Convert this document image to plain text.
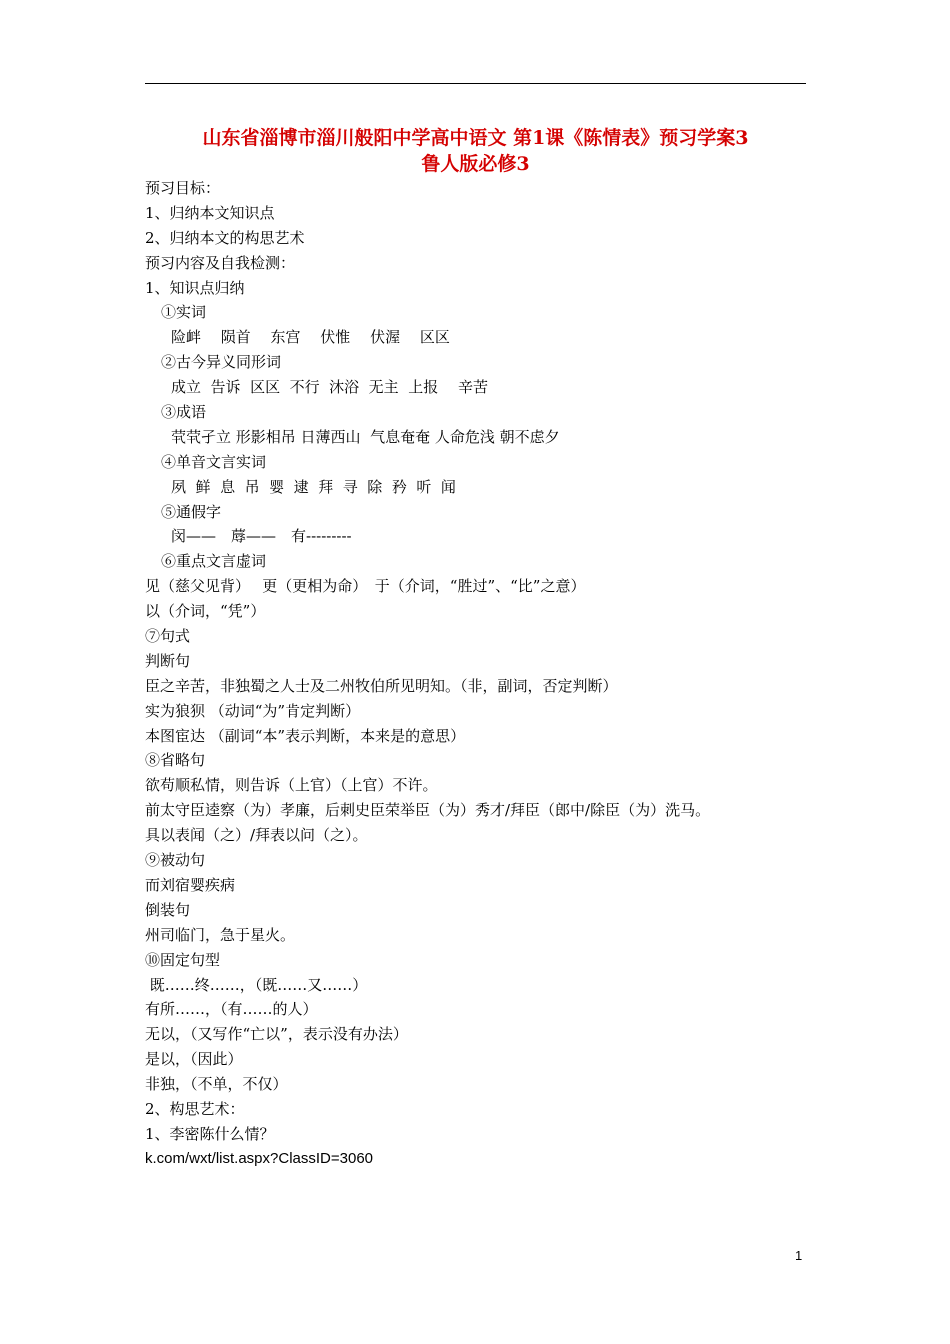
山东省淄博市淄川般阳中学高中语文 第1课《陈情表》预习学案3
鲁人版必修3
预习目标：
1、归纳本文知识点
2、归纳本文的构思艺术
预习内容及自我检测：
1、知识点归纳
①实词
险衅　 陨首　 东宫　 伏惟　 伏渥　 区区
②古今异义同形词
成立  告诉  区区  不行  沐浴  无主  上报　 辛苦
③成语
茕茕孑立 形影相吊 日薄西山  气息奄奄 人命危浅 朝不虑夕
④单音文言实词
夙  鲜  息  吊  婴  逮  拜  寻  除  矜  听  闻
⑤通假字
闵——　蓐——　有---------
⑥重点文言虚词
见（慈父见背）　 更（更相为命）　于（介词，“胜过”、“比”之意）
以（介词，“凭”）
⑦句式
判断句
臣之辛苦，非独蜀之人士及二州牧伯所见明知。（非，副词，否定判断）
实为狼狈 （动词“为”肯定判断）
本图宦达 （副词“本”表示判断，本来是的意思）
⑧省略句
欲苟顺私情，则告诉（上官）（上官）不许。
前太守臣逵察（为）孝廉，后刺史臣荣举臣（为）秀才/拜臣（郎中/除臣（为）洗马。
具以表闻（之）/拜表以问（之）。
⑨被动句
而刘宿婴疾病
倒装句
州司临门，急于星火。
⑩固定句型
既……终……，（既……又……）
有所……，（有……的人）
无以，（又写作“亡以”，表示没有办法）
是以，（因此）
非独，（不单，不仅）
2、构思艺术：
1、李密陈什么情？
k.com/wxt/list.aspx?ClassID=3060
1
